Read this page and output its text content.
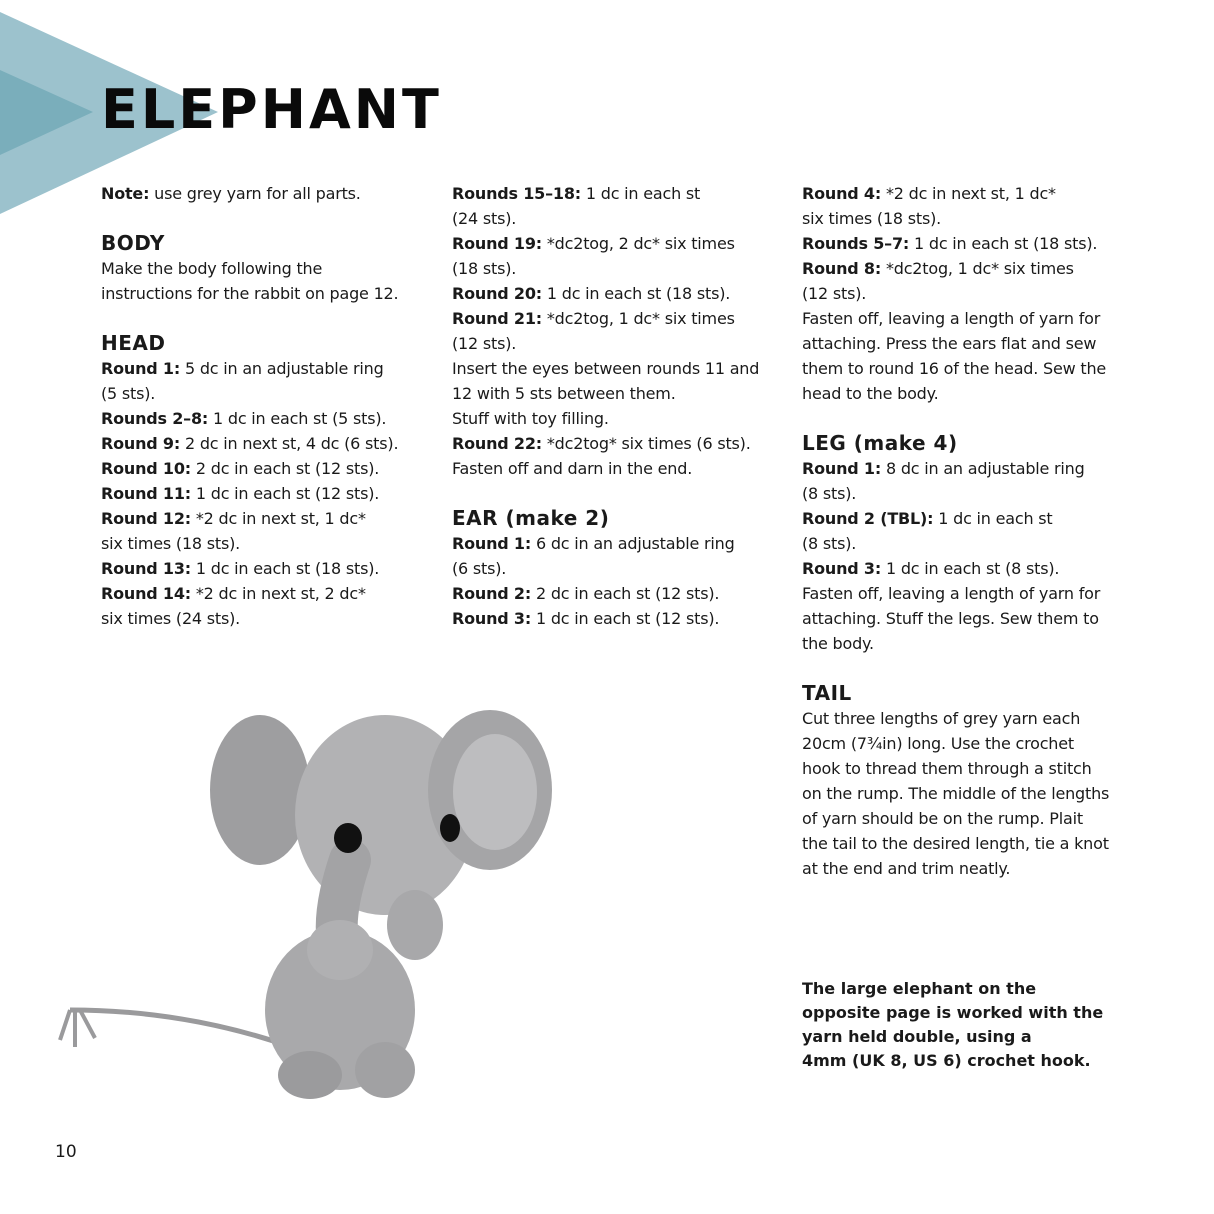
ELEPHANT
Note: use grey yarn for all parts.
BODY
Make the body following the
instructions for the rabbit on page 12.
HEAD
Round 1: 5 dc in an adjustable ring
(5 sts).
Rounds 2–8: 1 dc in each st (5 sts).
Round 9: 2 dc in next st, 4 dc (6 sts).
Round 10: 2 dc in each st (12 sts).
Round 11: 1 dc in each st (12 sts).
Round 12: *2 dc in next st, 1 dc*
six times (18 sts).
Round 13: 1 dc in each st (18 sts).
Round 14: *2 dc in next st, 2 dc*
six times (24 sts).
Rounds 15–18: 1 dc in each st
(24 sts).
Round 19: *dc2tog, 2 dc* six times
(18 sts).
Round 20: 1 dc in each st (18 sts).
Round 21: *dc2tog, 1 dc* six times
(12 sts).
Insert the eyes between rounds 11 and
12 with 5 sts between them.
Stuff with toy filling.
Round 22: *dc2tog* six times (6 sts).
Fasten off and darn in the end.
EAR (make 2)
Round 1: 6 dc in an adjustable ring
(6 sts).
Round 2: 2 dc in each st (12 sts).
Round 3: 1 dc in each st (12 sts).
Round 4: *2 dc in next st, 1 dc*
six times (18 sts).
Rounds 5–7: 1 dc in each st (18 sts).
Round 8: *dc2tog, 1 dc* six times
(12 sts).
Fasten off, leaving a length of yarn for
attaching. Press the ears flat and sew
them to round 16 of the head. Sew the
head to the body.
LEG (make 4)
Round 1: 8 dc in an adjustable ring
(8 sts).
Round 2 (TBL): 1 dc in each st
(8 sts).
Round 3: 1 dc in each st (8 sts).
Fasten off, leaving a length of yarn for
attaching. Stuff the legs. Sew them to
the body.
TAIL
Cut three lengths of grey yarn each
20cm (7¾in) long. Use the crochet
hook to thread them through a stitch
on the rump. The middle of the lengths
of yarn should be on the rump. Plait
the tail to the desired length, tie a knot
at the end and trim neatly.
The large elephant on the
opposite page is worked with the
yarn held double, using a
4mm (UK 8, US 6) crochet hook.
10
